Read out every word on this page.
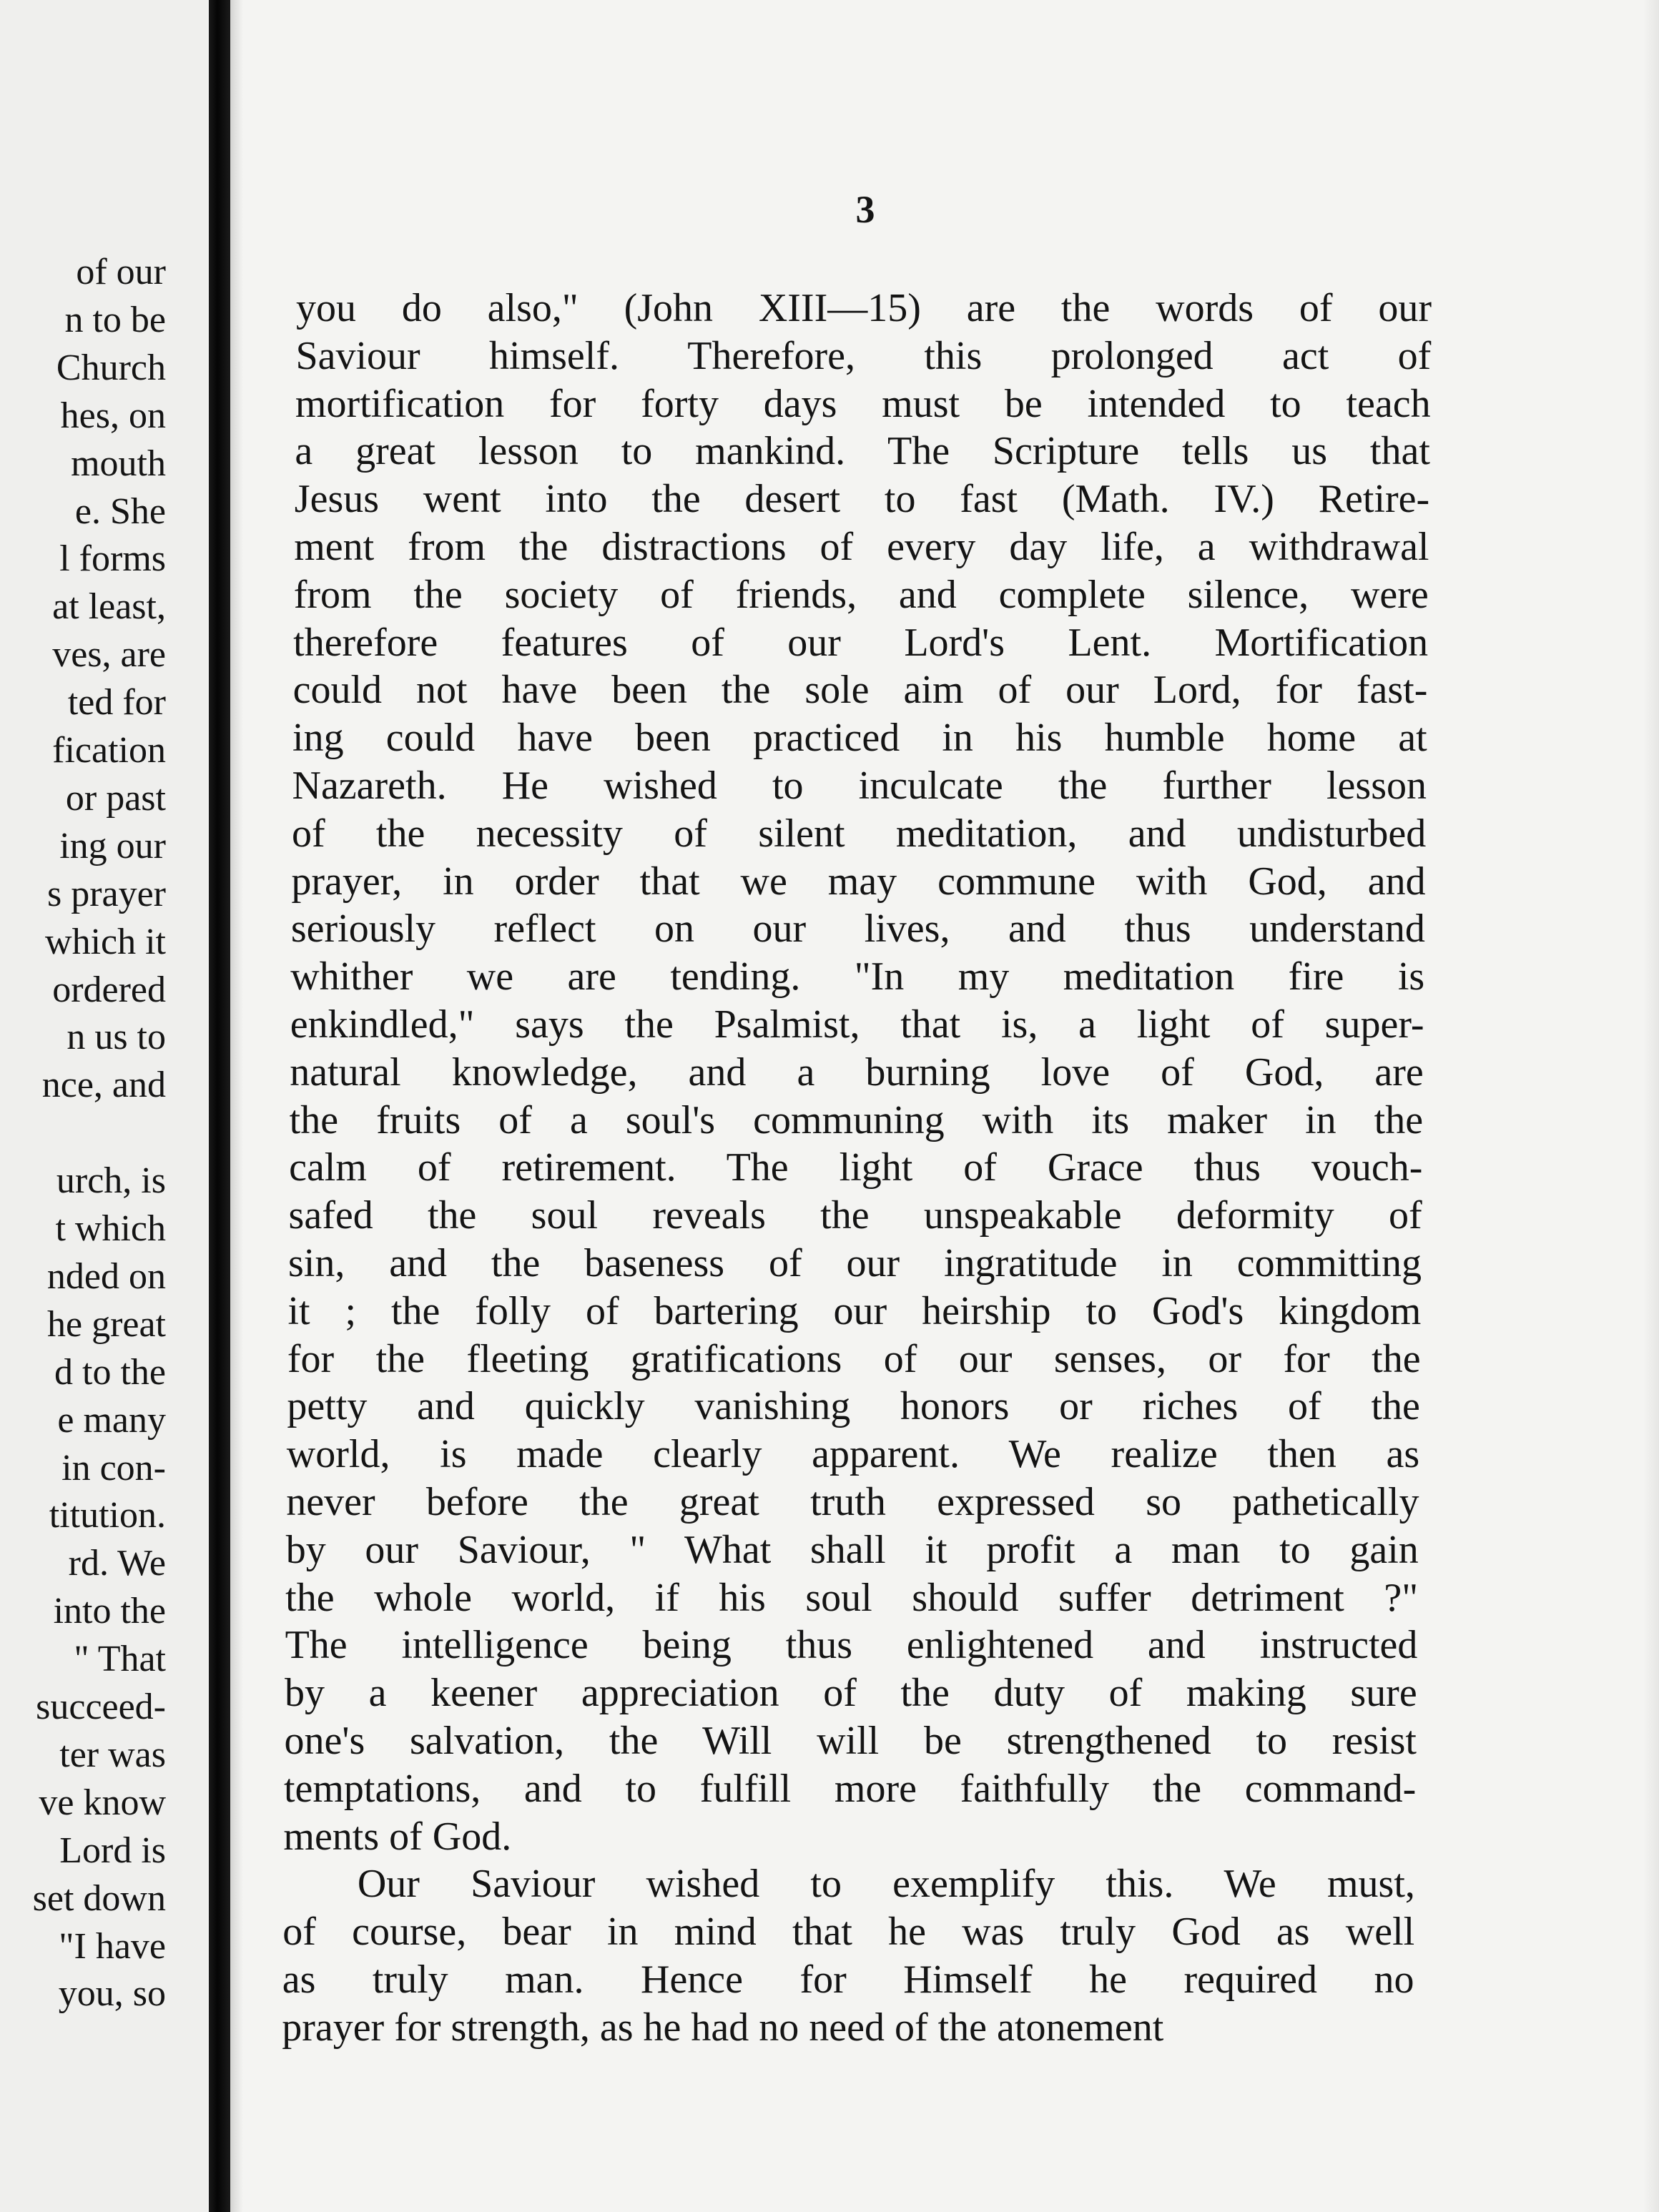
of our
n to be
Church
hes, on
mouth
e. She
l forms
at least,
ves, are
ted for
fication
or past
ing our
s prayer
which it
ordered
n us to
nce, and
urch, is
t which
nded on
he great
d to the
e many
in con-
titution.
rd. We
into the
" That
succeed-
ter was
ve know
Lord is
set down
"I have
you, so
3
you do also," (John XIII—15) are the words of our
Saviour himself. Therefore, this prolonged act of
mortification for forty days must be intended to teach
a great lesson to mankind. The Scripture tells us that
Jesus went into the desert to fast (Math. IV.) Retire-
ment from the distractions of every day life, a withdrawal
from the society of friends, and complete silence, were
therefore features of our Lord's Lent. Mortification
could not have been the sole aim of our Lord, for fast-
ing could have been practiced in his humble home at
Nazareth. He wished to inculcate the further lesson
of the necessity of silent meditation, and undisturbed
prayer, in order that we may commune with God, and
seriously reflect on our lives, and thus understand
whither we are tending. "In my meditation fire is
enkindled," says the Psalmist, that is, a light of super-
natural knowledge, and a burning love of God, are
the fruits of a soul's communing with its maker in the
calm of retirement. The light of Grace thus vouch-
safed the soul reveals the unspeakable deformity of
sin, and the baseness of our ingratitude in committing
it ; the folly of bartering our heirship to God's kingdom
for the fleeting gratifications of our senses, or for the
petty and quickly vanishing honors or riches of the
world, is made clearly apparent. We realize then as
never before the great truth expressed so pathetically
by our Saviour, " What shall it profit a man to gain
the whole world, if his soul should suffer detriment ?"
The intelligence being thus enlightened and instructed
by a keener appreciation of the duty of making sure
one's salvation, the Will will be strengthened to resist
temptations, and to fulfill more faithfully the command-
ments of God.
Our Saviour wished to exemplify this. We must,
of course, bear in mind that he was truly God as well
as truly man. Hence for Himself he required no
prayer for strength, as he had no need of the atonement
